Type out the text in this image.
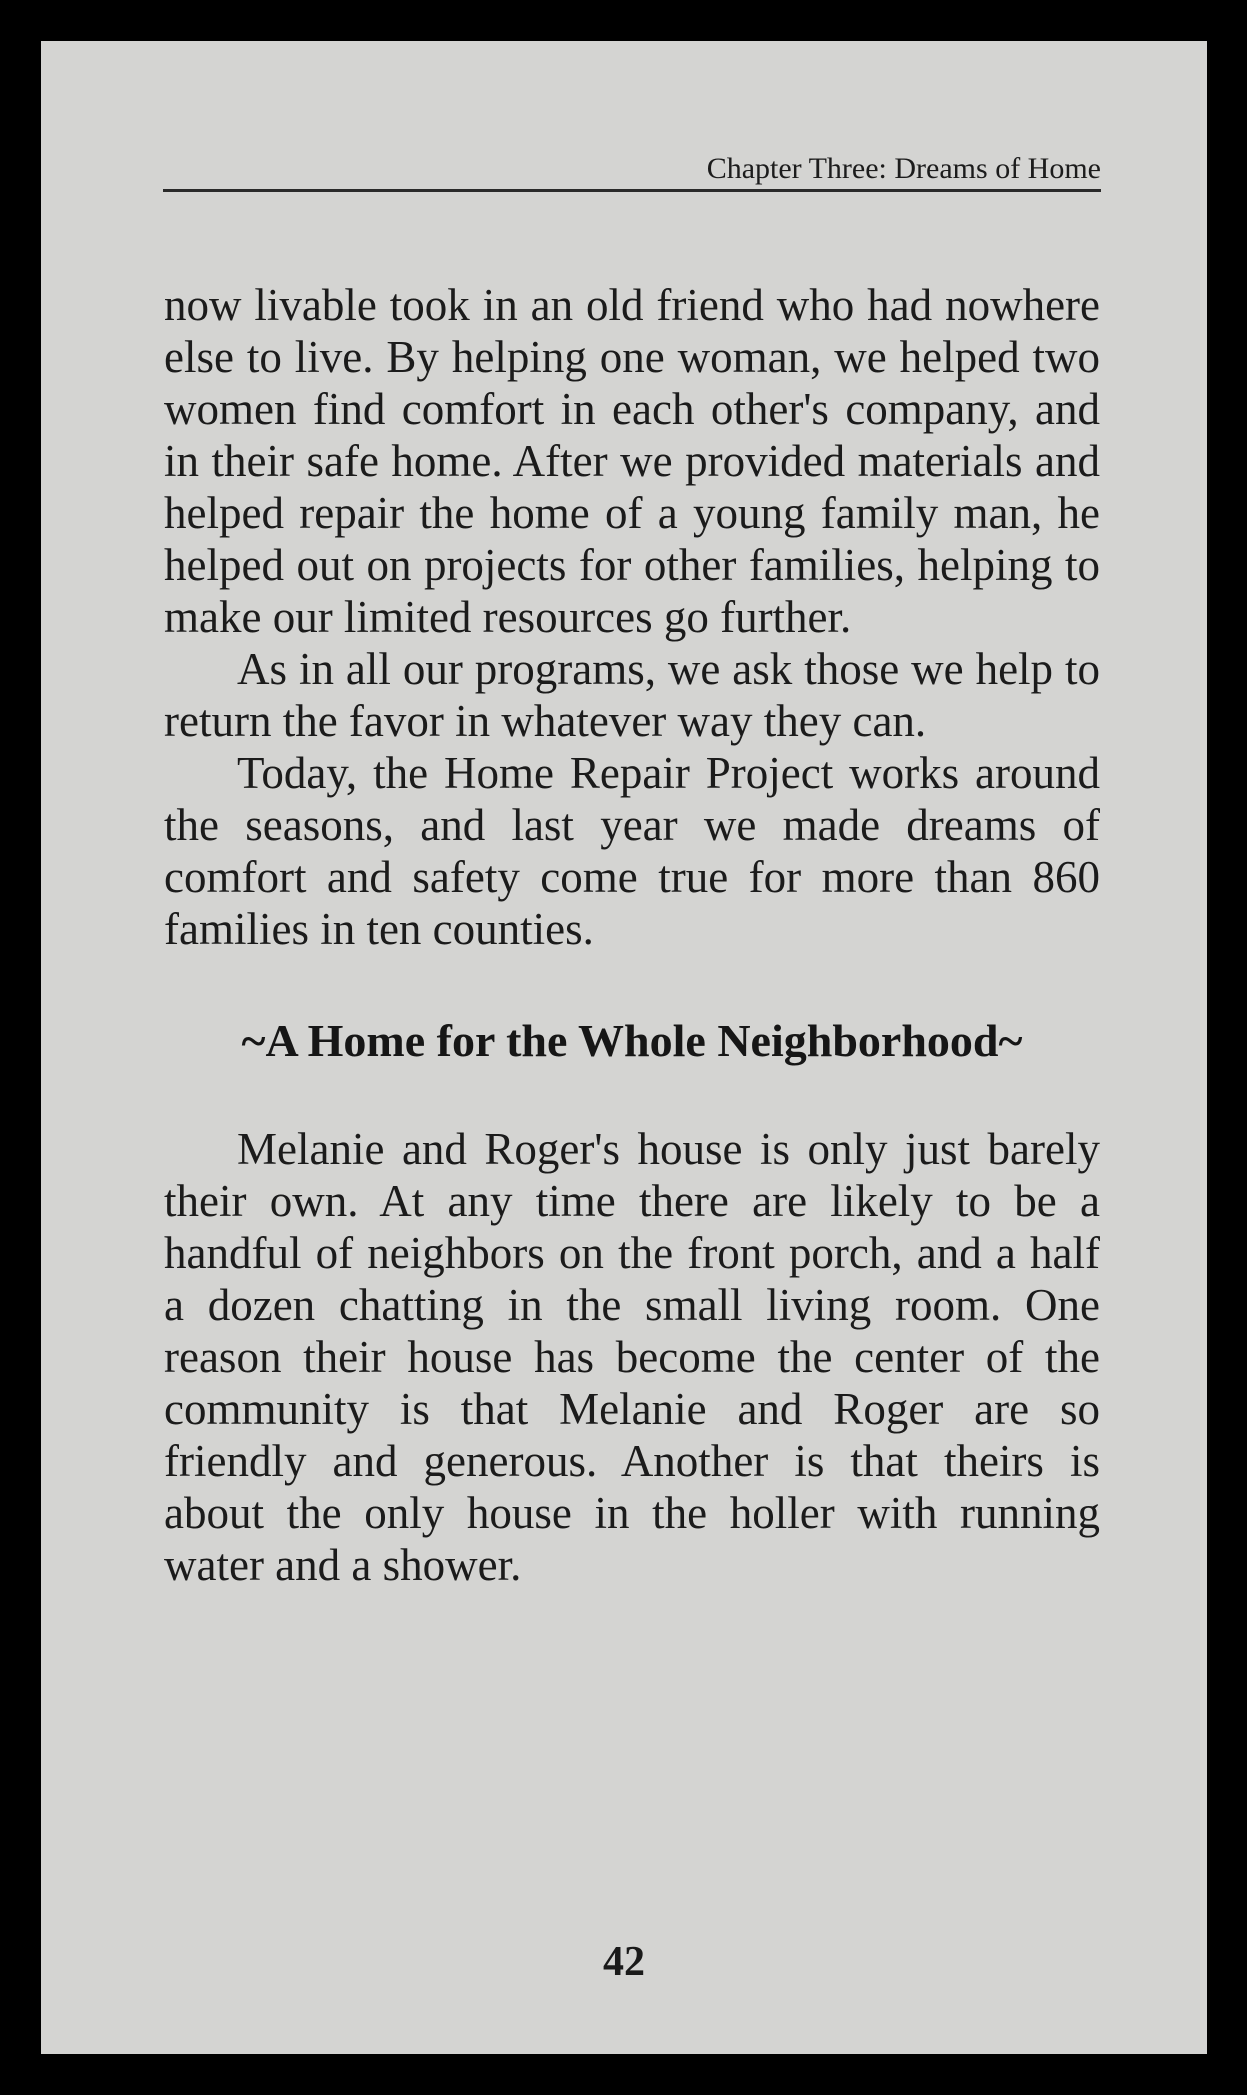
Chapter Three: Dreams of Home

now livable took in an old friend who had nowhere else to live. By helping one woman, we helped two women find comfort in each other's company, and in their safe home. After we provided materials and helped repair the home of a young family man, he helped out on projects for other families, helping to make our limited resources go further.

As in all our programs, we ask those we help to return the favor in whatever way they can.

Today, the Home Repair Project works around the seasons, and last year we made dreams of comfort and safety come true for more than 860 families in ten counties.

~A Home for the Whole Neighborhood~

Melanie and Roger's house is only just barely their own. At any time there are likely to be a handful of neighbors on the front porch, and a half a dozen chatting in the small living room. One reason their house has become the center of the community is that Melanie and Roger are so friendly and generous. Another is that theirs is about the only house in the holler with running water and a shower.

42
